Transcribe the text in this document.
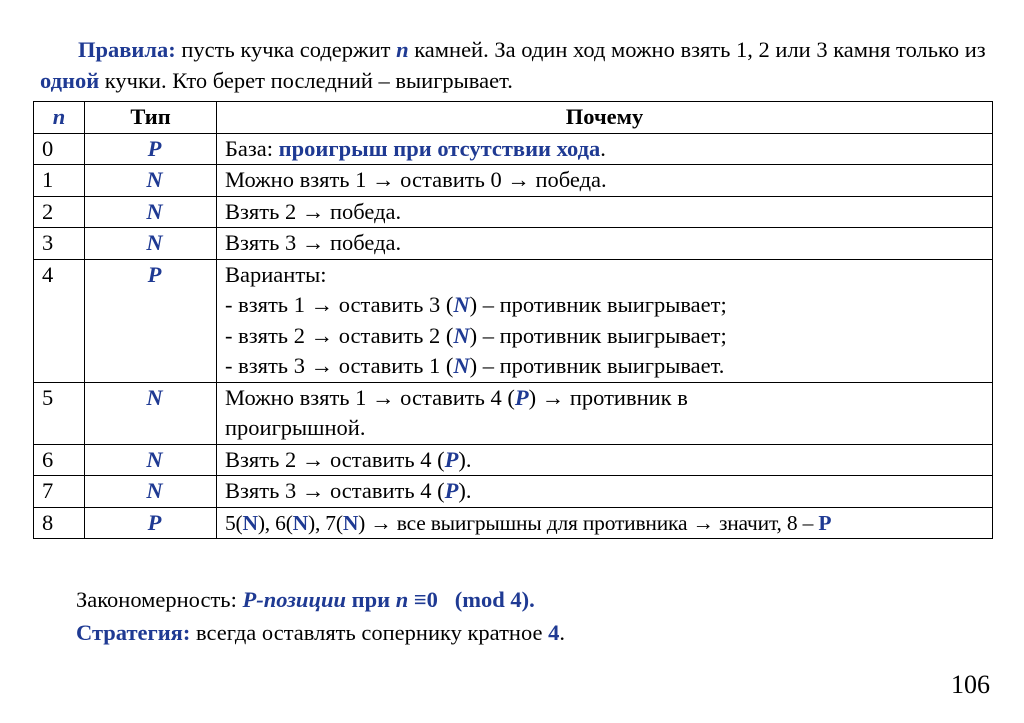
Правила: пусть кучка содержит n камней. За один ход можно взять 1, 2 или 3 камня только из одной кучки. Кто берет последний – выигрывает.
n	Тип	Почему
0	P	База: проигрыш при отсутствии хода.
1	N	Можно взять 1 → оставить 0 → победа.
2	N	Взять 2 → победа.
3	N	Взять 3 → победа.
4	P	Варианты:
- взять 1 → оставить 3 (N) – противник выигрывает;
- взять 2 → оставить 2 (N) – противник выигрывает;
- взять 3 → оставить 1 (N) – противник выигрывает.

5	N	Можно взять 1 → оставить 4 (P) → противник в проигрышной.
6	N	Взять 2 → оставить 4 (P).
7	N	Взять 3 → оставить 4 (P).
8	P	5(N), 6(N), 7(N) → все выигрышны для противника → значит, 8 – P
Закономерность: P-позиции при n ≡0   (mod 4).
Стратегия: всегда оставлять сопернику кратное 4.
106
